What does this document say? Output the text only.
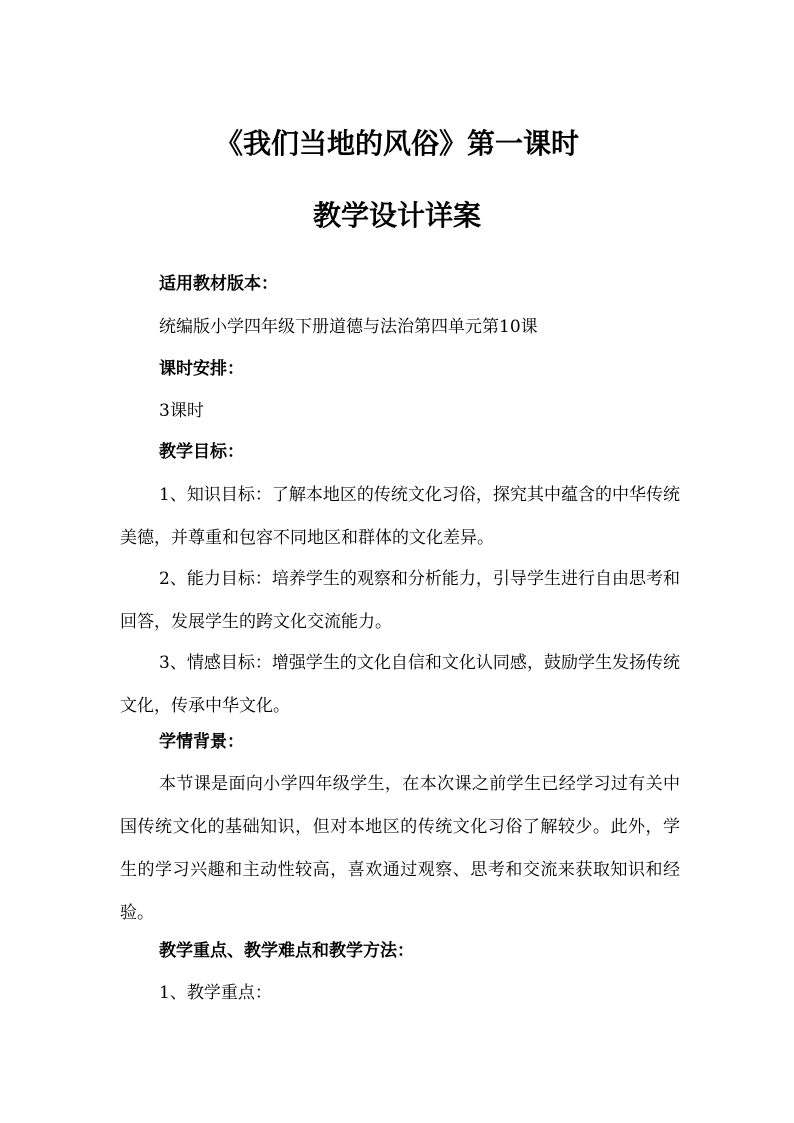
《我们当地的风俗》第一课时
教学设计详案
适用教材版本：
统编版小学四年级下册道德与法治第四单元第10课
课时安排：
3课时
教学目标：
1、知识目标：了解本地区的传统文化习俗，探究其中蕴含的中华传统美德，并尊重和包容不同地区和群体的文化差异。
2、能力目标：培养学生的观察和分析能力，引导学生进行自由思考和回答，发展学生的跨文化交流能力。
3、情感目标：增强学生的文化自信和文化认同感，鼓励学生发扬传统文化，传承中华文化。
学情背景：
本节课是面向小学四年级学生，在本次课之前学生已经学习过有关中国传统文化的基础知识，但对本地区的传统文化习俗了解较少。此外，学生的学习兴趣和主动性较高，喜欢通过观察、思考和交流来获取知识和经验。
教学重点、教学难点和教学方法：
1、教学重点：
